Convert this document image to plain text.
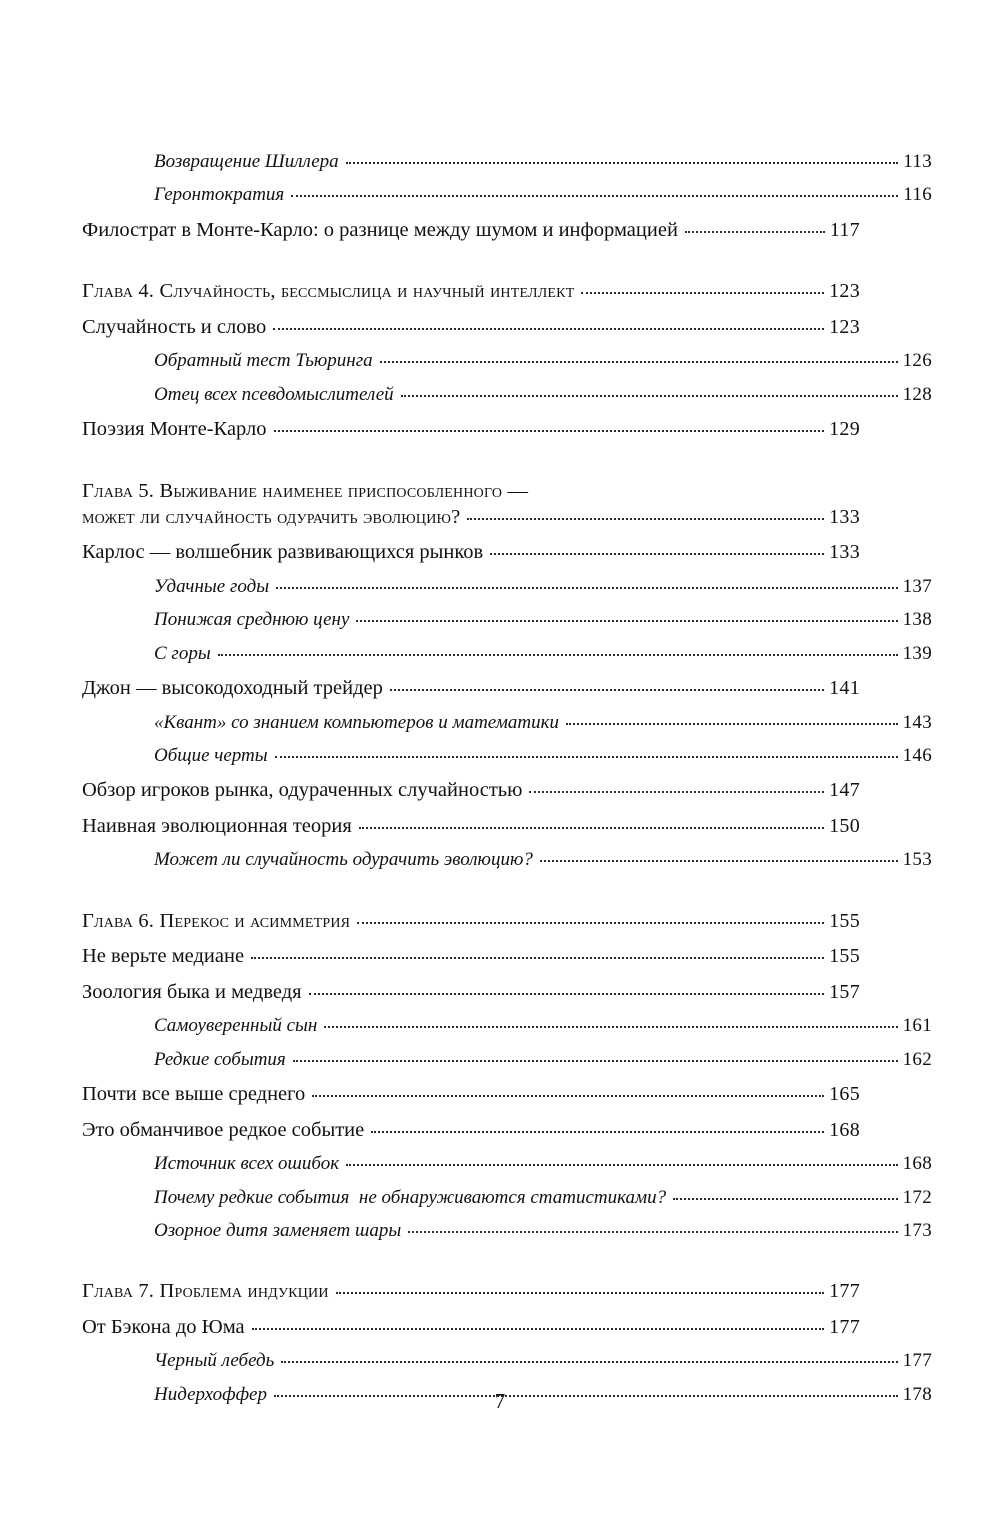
Возвращение Шиллера	113
Геронтократия	116
Филострат в Монте-Карло: о разнице между шумом и информацией	117
Глава 4. Случайность, бессмыслица и научный интеллект	123
Случайность и слово	123
Обратный тест Тьюринга	126
Отец всех псевдомыслителей	128
Поэзия Монте-Карло	129
Глава 5. Выживание наименее приспособленного —
может ли случайность одурачить эволюцию?	133
Карлос — волшебник развивающихся рынков	133
Удачные годы	137
Понижая среднюю цену	138
С горы	139
Джон — высокодоходный трейдер	141
«Квант» со знанием компьютеров и математики	143
Общие черты	146
Обзор игроков рынка, одураченных случайностью	147
Наивная эволюционная теория	150
Может ли случайность одурачить эволюцию?	153
Глава 6. Перекос и асимметрия	155
Не верьте медиане	155
Зоология быка и медведя	157
Самоуверенный сын	161
Редкие события	162
Почти все выше среднего	165
Это обманчивое редкое событие	168
Источник всех ошибок	168
Почему редкие события  не обнаруживаются статистиками?	172
Озорное дитя заменяет шары	173
Глава 7. Проблема индукции	177
От Бэкона до Юма	177
Черный лебедь	177
Нидерхоффер	178
7
